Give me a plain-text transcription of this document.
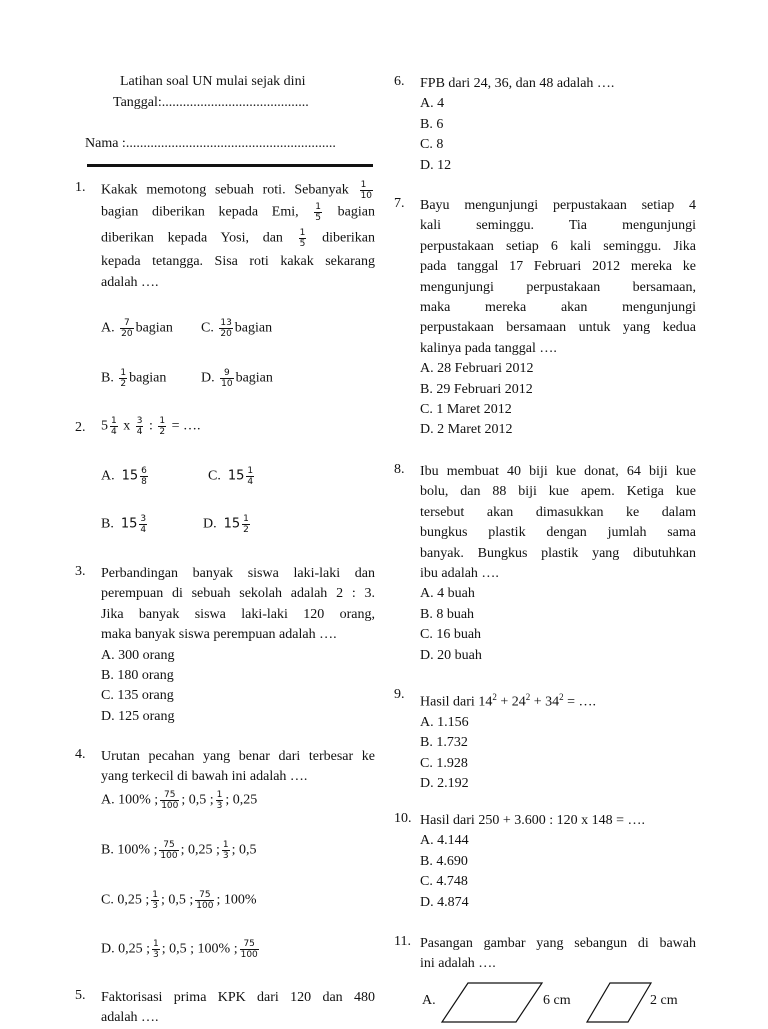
Latihan soal UN mulai sejak dini
Tanggal:..........................................
Nama :............................................................
1. Kakak memotong sebuah roti. Sebanyak $\frac{1}{10}$
bagian diberikan kepada Emi, $\frac{1}{5}$ bagian
diberikan kepada Yosi, dan $\frac{1}{5}$ diberikan
kepada tetangga. Sisa roti kakak sekarang
adalah ….
A. $\frac{7}{20}$ bagian C. $\frac{13}{20}$ bagian
B. $\frac{1}{2}$ bagian D. $\frac{9}{10}$ bagian
2. $5 \frac{1}{4}$ x $\frac{3}{4}$ : $\frac{1}{2}$ = ….
A. $15 \frac{6}{8}$	C. $15 \frac{1}{4}$
B. $15 \frac{3}{4}$	D. $15 \frac{1}{2}$
3. Perbandingan banyak siswa laki-laki dan
perempuan di sebuah sekolah adalah 2 : 3.
Jika banyak siswa laki-laki 120 orang,
maka banyak siswa perempuan adalah ….
A. 300 orang
B. 180 orang
C. 135 orang
D. 125 orang
4. Urutan pecahan yang benar dari terbesar ke
yang terkecil di bawah ini adalah ….
A. 100% ; $\frac{75}{100}$ ; 0,5 ; $\frac{1}{3}$ ; 0,25
B. 100% ; $\frac{75}{100}$ ; 0,25 ; $\frac{1}{3}$ ; 0,5
C. 0,25 ; $\frac{1}{3}$ ; 0,5 ; $\frac{75}{100}$ ; 100%
D. 0,25 ; $\frac{1}{3}$ ; 0,5 ; 100% ; $\frac{75}{100}$
5. Faktorisasi prima KPK dari 120 dan 480
adalah ….
6. FPB dari 24, 36, dan 48 adalah ….
A. 4
B. 6
C. 8
D. 12
7. Bayu mengunjungi perpustakaan setiap 4
kali seminggu. Tia mengunjungi
perpustakaan setiap 6 kali seminggu. Jika
pada tanggal 17 Februari 2012 mereka ke
mengunjungi perpustakaan bersamaan,
maka mereka akan mengunjungi
perpustakaan bersamaan untuk yang kedua
kalinya pada tanggal ….
A. 28 Februari 2012
B. 29 Februari 2012
C. 1 Maret 2012
D. 2 Maret 2012
8. Ibu membuat 40 biji kue donat, 64 biji kue
bolu, dan 88 biji kue apem. Ketiga kue
tersebut akan dimasukkan ke dalam
bungkus plastik dengan jumlah sama
banyak. Bungkus plastik yang dibutuhkan
ibu adalah ….
A. 4 buah
B. 8 buah
C. 16 buah
D. 20 buah
9.
Hasil dari $14^2 + 24^2 + 34^2$ = ….
A. 1.156
B. 1.732
C. 1.928
D. 2.192
10. Hasil dari 250 + 3.600 : 120 x 148 = ….
A. 4.144
B. 4.690
C. 4.748
D. 4.874
11. Pasangan gambar yang sebangun di bawah
ini adalah ….
A.	6 cm	2 cm
